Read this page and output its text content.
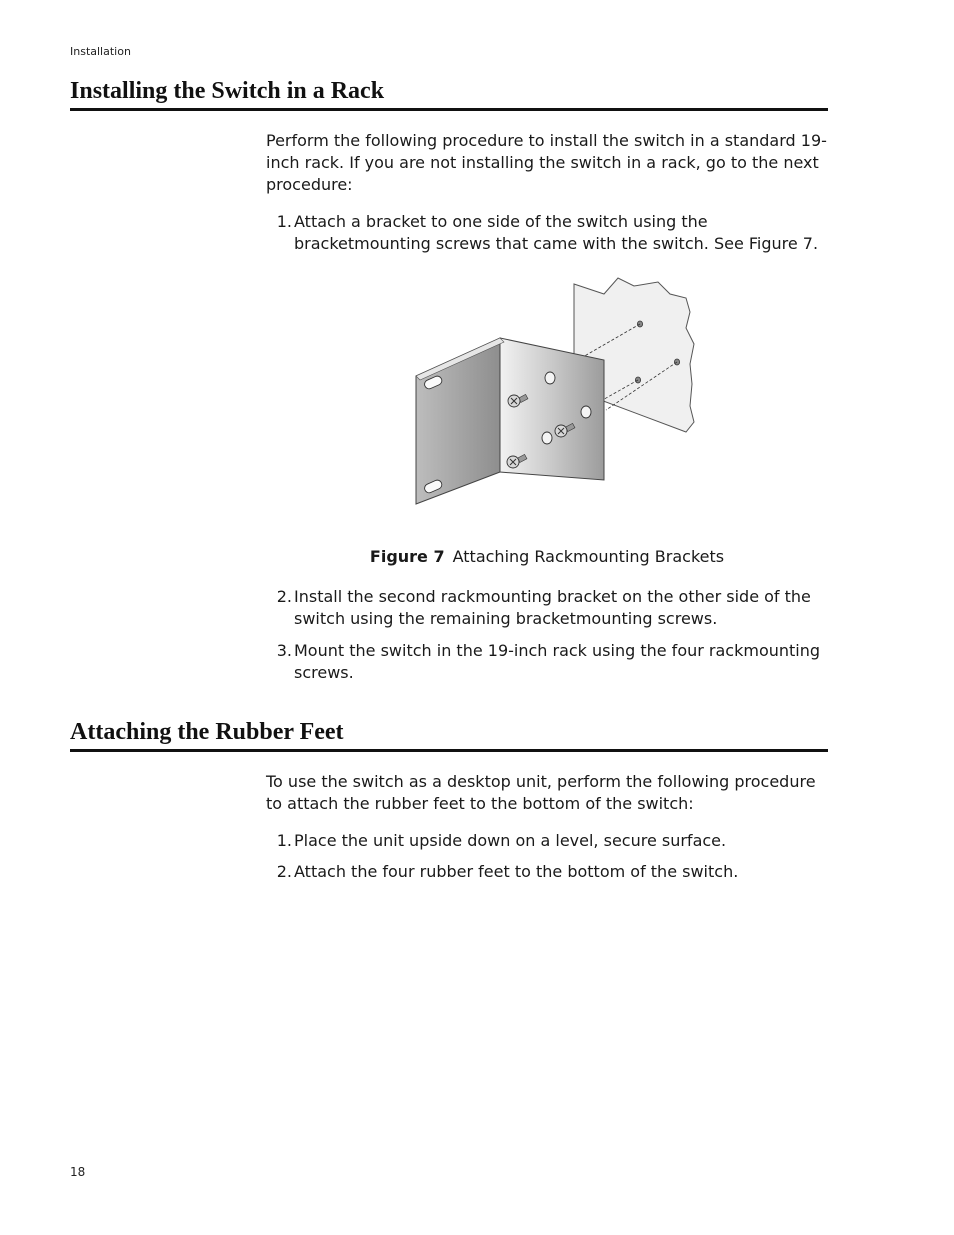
Installation
Installing the Switch in a Rack

Perform the following procedure to install the switch in a standard 19-inch rack. If you are not installing the switch in a rack, go to the next procedure:

1. Attach a bracket to one side of the switch using the bracketmounting screws that came with the switch. See Figure 7.
Figure 7 Attaching Rackmounting Brackets
2. Install the second rackmounting bracket on the other side of the switch using the remaining bracketmounting screws.
3. Mount the switch in the 19-inch rack using the four rackmounting screws.
Attaching the Rubber Feet

To use the switch as a desktop unit, perform the following procedure to attach the rubber feet to the bottom of the switch:

1. Place the unit upside down on a level, secure surface.
2. Attach the four rubber feet to the bottom of the switch.
18
